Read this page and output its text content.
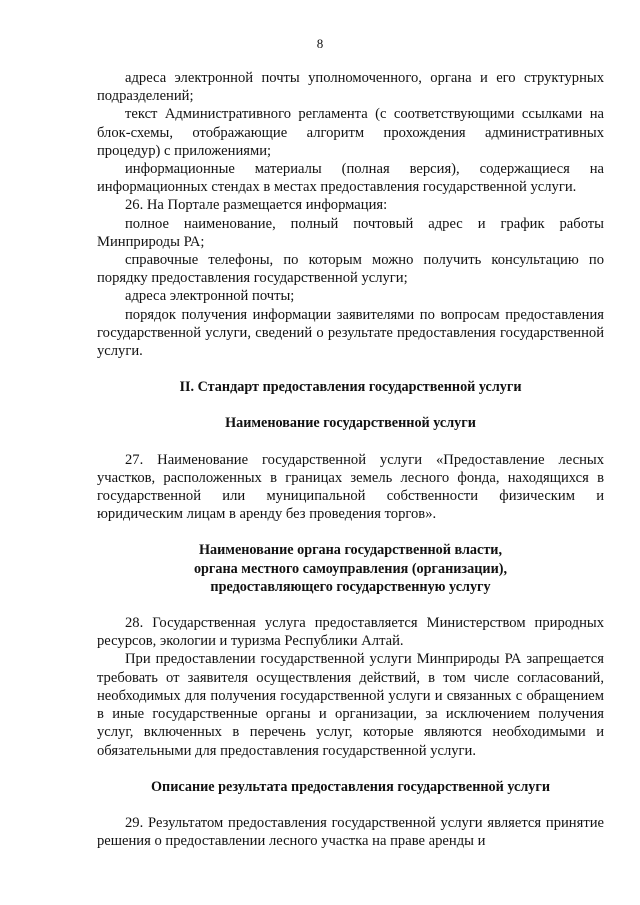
8

адреса электронной почты уполномоченного, органа и его структурных подразделений;

текст Административного регламента (с соответствующими ссылками на блок-схемы, отображающие алгоритм прохождения административных процедур) с приложениями;

информационные материалы (полная версия), содержащиеся на информационных стендах в местах предоставления государственной услуги.

26. На Портале размещается информация:

полное наименование, полный почтовый адрес и график работы Минприроды РА;

справочные телефоны, по которым можно получить консультацию по порядку предоставления государственной услуги;

адреса электронной почты;

порядок получения информации заявителями по вопросам предоставления государственной услуги, сведений о результате предоставления государственной услуги.

II. Стандарт предоставления государственной услуги

Наименование государственной услуги

27. Наименование государственной услуги «Предоставление лесных участков, расположенных в границах земель лесного фонда, находящихся в государственной или муниципальной собственности физическим и юридическим лицам в аренду без проведения торгов».

Наименование органа государственной власти,

органа местного самоуправления (организации),

предоставляющего государственную услугу

28. Государственная услуга предоставляется Министерством природных ресурсов, экологии и туризма Республики Алтай.

При предоставлении государственной услуги Минприроды РА запрещается требовать от заявителя осуществления действий, в том числе согласований, необходимых для получения государственной услуги и связанных с обращением в иные государственные органы и организации, за исключением получения услуг, включенных в перечень услуг, которые являются необходимыми и обязательными для предоставления государственной услуги.

Описание результата предоставления государственной услуги

29. Результатом предоставления государственной услуги является принятие решения о предоставлении лесного участка на праве аренды и
